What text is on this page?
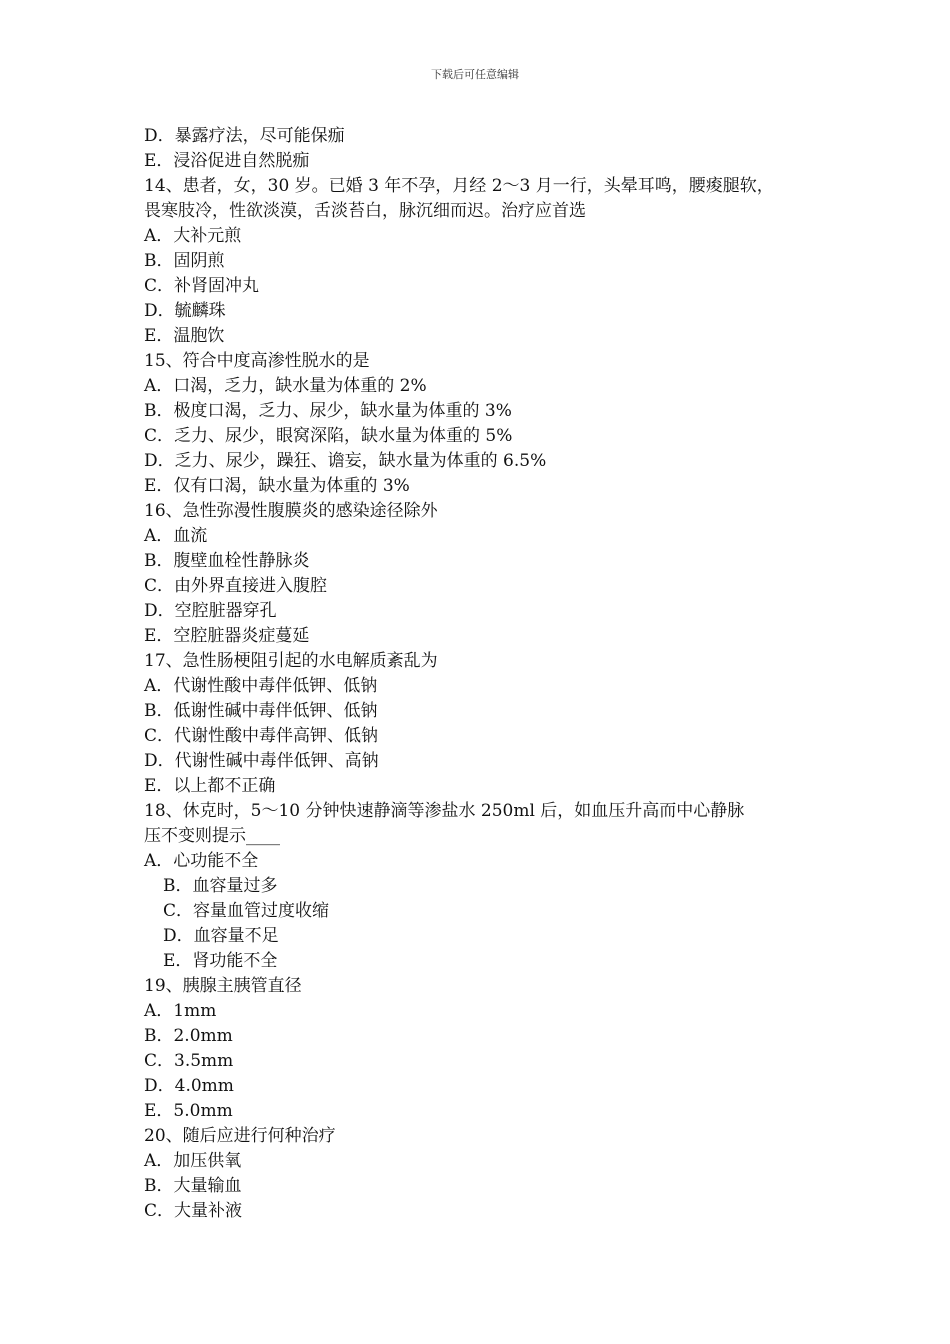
下载后可任意编辑
D．暴露疗法，尽可能保痂
E．浸浴促进自然脱痂
14、患者，女，30 岁。已婚 3 年不孕，月经 2～3 月一行，头晕耳鸣，腰痠腿软，
畏寒肢冷，性欲淡漠，舌淡苔白，脉沉细而迟。治疗应首选
A．大补元煎
B．固阴煎
C．补肾固冲丸
D．毓麟珠
E．温胞饮
15、符合中度高渗性脱水的是
A．口渴，乏力，缺水量为体重的 2%
B．极度口渴，乏力、尿少，缺水量为体重的 3%
C．乏力、尿少，眼窝深陷，缺水量为体重的 5%
D．乏力、尿少，躁狂、谵妄，缺水量为体重的 6.5%
E．仅有口渴，缺水量为体重的 3%
16、急性弥漫性腹膜炎的感染途径除外
A．血流
B．腹壁血栓性静脉炎
C．由外界直接进入腹腔
D．空腔脏器穿孔
E．空腔脏器炎症蔓延
17、急性肠梗阻引起的水电解质紊乱为
A．代谢性酸中毒伴低钾、低钠
B．低谢性碱中毒伴低钾、低钠
C．代谢性酸中毒伴高钾、低钠
D．代谢性碱中毒伴低钾、高钠
E．以上都不正确
18、休克时，5～10 分钟快速静滴等渗盐水 250ml 后，如血压升高而中心静脉
压不变则提示____
A．心功能不全
B．血容量过多
C．容量血管过度收缩
D．血容量不足
E．肾功能不全
19、胰腺主胰管直径
A．1mm
B．2.0mm
C．3.5mm
D．4.0mm
E．5.0mm
20、随后应进行何种治疗
A．加压供氧
B．大量输血
C．大量补液
